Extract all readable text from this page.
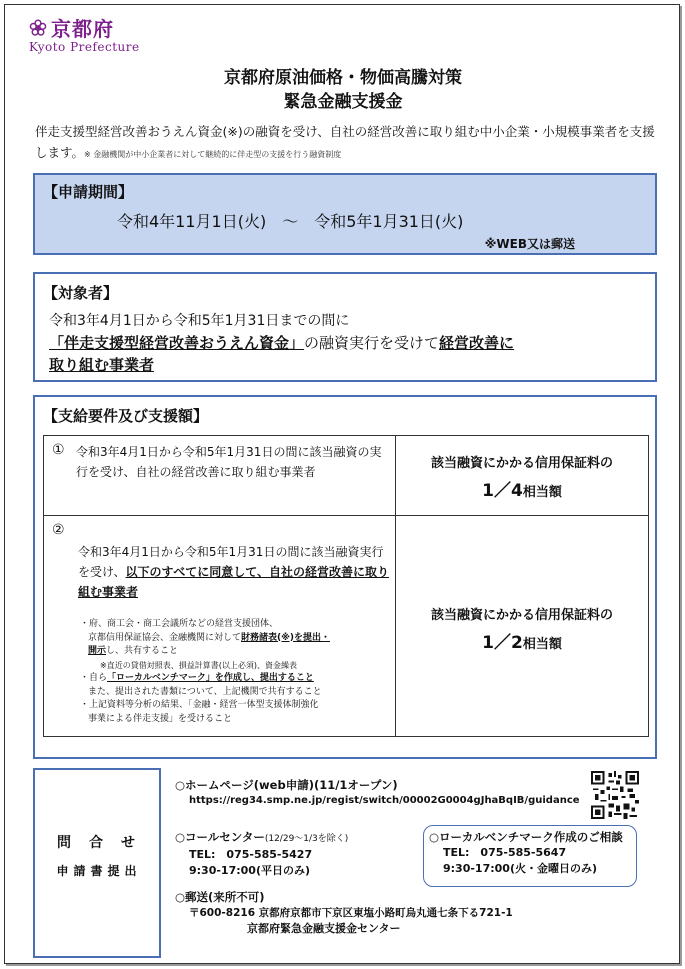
京都府
Kyoto Prefecture
京都府原油価格・物価高騰対策
緊急金融支援金
伴走支援型経営改善おうえん資金(※)の融資を受け、自社の経営改善に取り組む中小企業・小規模事業者を支援します。※ 金融機関が中小企業者に対して継続的に伴走型の支援を行う融資制度
【申請期間】
令和4年11月1日(火)　～　令和5年1月31日(火)
※WEB又は郵送
【対象者】
令和3年4月1日から令和5年1月31日までの間に
「伴走支援型経営改善おうえん資金」の融資実行を受けて経営改善に
取り組む事業者
【支給要件及び支援額】
① 令和3年4月1日から令和5年1月31日の間に該当融資の実行を受け、自社の経営改善に取り組む事業者
該当融資にかかる信用保証料の
1／4相当額
②
令和3年4月1日から令和5年1月31日の間に該当融資実行を受け、以下のすべてに同意して、自社の経営改善に取り組む事業者
・府、商工会・商工会議所などの経営支援団体、
京都信用保証協会、金融機関に対して財務諸表(※)を提出・
開示し、共有すること
※直近の貸借対照表、損益計算書(以上必須)、資金繰表
・自ら「ローカルベンチマーク」を作成し、提出すること
また、提出された書類について、上記機関で共有すること
・上記資料等分析の結果、「金融・経営一体型支援体制強化
事業による伴走支援」を受けること
該当融資にかかる信用保証料の
1／2相当額
問合せ
申請書提出
○ホームページ(web申請)(11/1オープン)
https://reg34.smp.ne.jp/regist/switch/00002G0004gJhaBqIB/guidance
○コールセンター(12/29～1/3を除く)
TEL:　075-585-5427
9:30-17:00(平日のみ)
○ローカルベンチマーク作成のご相談
TEL:　075-585-5647
9:30-17:00(火・金曜日のみ)
○郵送(来所不可)
〒600-8216 京都府京都市下京区東塩小路町烏丸通七条下る721-1
京都府緊急金融支援金センター
